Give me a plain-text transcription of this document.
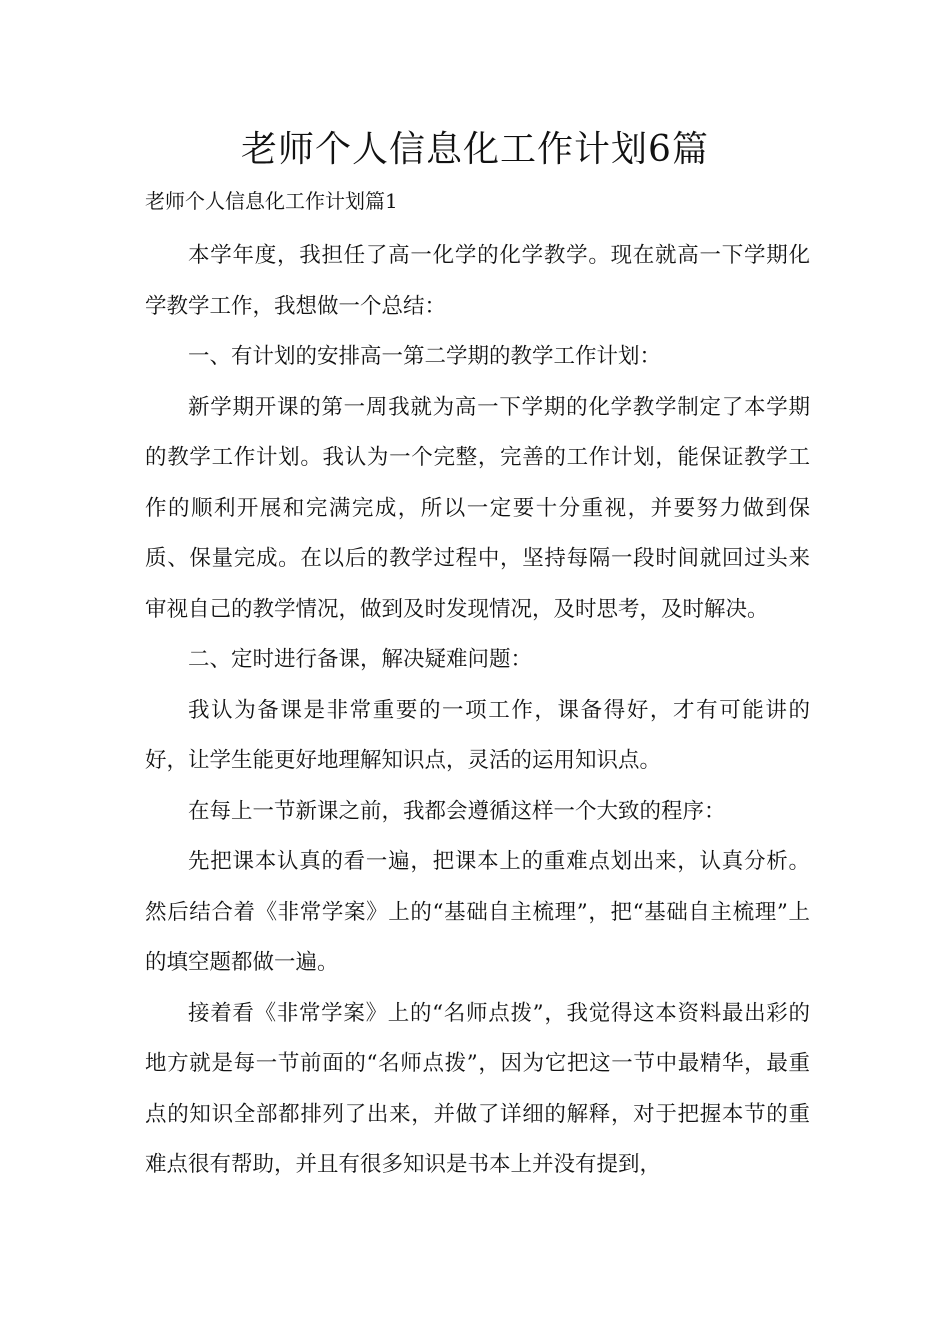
老师个人信息化工作计划6篇
老师个人信息化工作计划篇1

本学年度，我担任了高一化学的化学教学。现在就高一下学期化学教学工作，我想做一个总结：

一、有计划的安排高一第二学期的教学工作计划：

新学期开课的第一周我就为高一下学期的化学教学制定了本学期的教学工作计划。我认为一个完整，完善的工作计划，能保证教学工作的顺利开展和完满完成，所以一定要十分重视，并要努力做到保质、保量完成。在以后的教学过程中，坚持每隔一段时间就回过头来审视自己的教学情况，做到及时发现情况，及时思考，及时解决。

二、定时进行备课，解决疑难问题：

我认为备课是非常重要的一项工作，课备得好，才有可能讲的好，让学生能更好地理解知识点，灵活的运用知识点。

在每上一节新课之前，我都会遵循这样一个大致的程序：

先把课本认真的看一遍，把课本上的重难点划出来，认真分析。然后结合着《非常学案》上的“基础自主梳理”，把“基础自主梳理”上的填空题都做一遍。

接着看《非常学案》上的“名师点拨”，我觉得这本资料最出彩的地方就是每一节前面的“名师点拨”，因为它把这一节中最精华，最重点的知识全部都排列了出来，并做了详细的解释，对于把握本节的重难点很有帮助，并且有很多知识是书本上并没有提到，
